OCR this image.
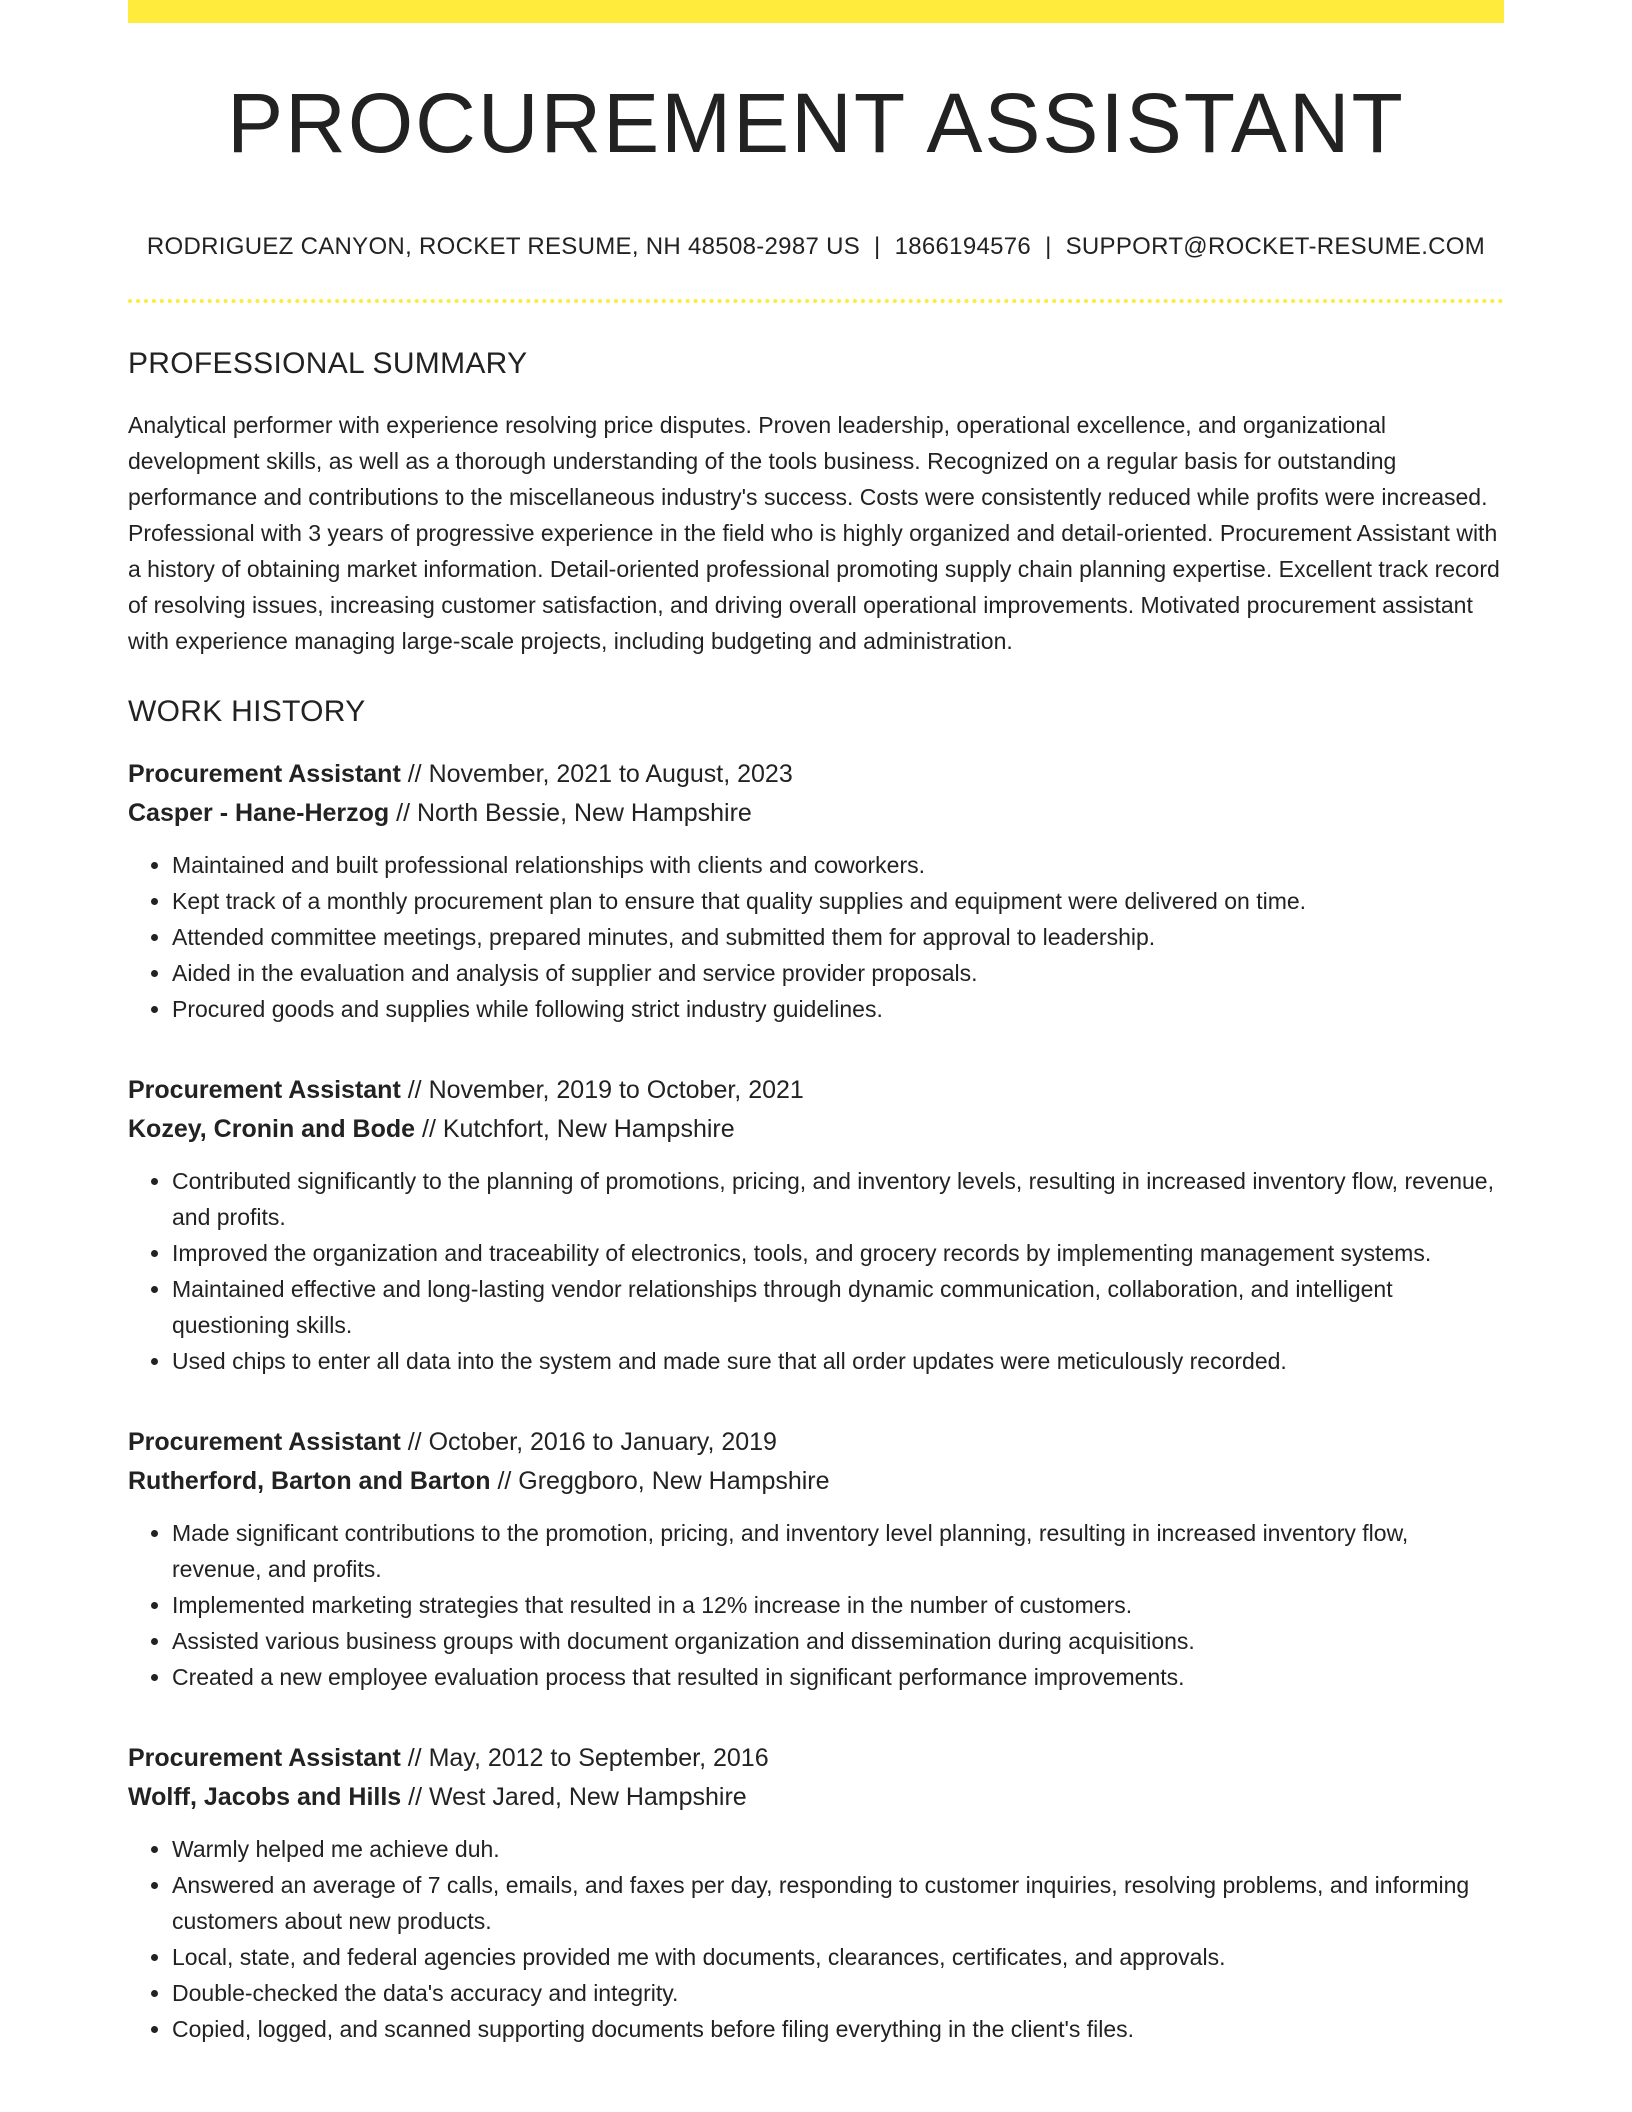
PROCUREMENT ASSISTANT
RODRIGUEZ CANYON, ROCKET RESUME, NH 48508-2987 US | 1866194576 | SUPPORT@ROCKET-RESUME.COM
PROFESSIONAL SUMMARY

Analytical performer with experience resolving price disputes. Proven leadership, operational excellence, and organizational development skills, as well as a thorough understanding of the tools business. Recognized on a regular basis for outstanding performance and contributions to the miscellaneous industry's success. Costs were consistently reduced while profits were increased. Professional with 3 years of progressive experience in the field who is highly organized and detail-oriented. Procurement Assistant with a history of obtaining market information. Detail-oriented professional promoting supply chain planning expertise. Excellent track record of resolving issues, increasing customer satisfaction, and driving overall operational improvements. Motivated procurement assistant with experience managing large-scale projects, including budgeting and administration.

WORK HISTORY
Procurement Assistant // November, 2021 to August, 2023
Casper - Hane-Herzog // North Bessie, New Hampshire
• Maintained and built professional relationships with clients and coworkers.
• Kept track of a monthly procurement plan to ensure that quality supplies and equipment were delivered on time.
• Attended committee meetings, prepared minutes, and submitted them for approval to leadership.
• Aided in the evaluation and analysis of supplier and service provider proposals.
• Procured goods and supplies while following strict industry guidelines.
Procurement Assistant // November, 2019 to October, 2021
Kozey, Cronin and Bode // Kutchfort, New Hampshire
• Contributed significantly to the planning of promotions, pricing, and inventory levels, resulting in increased inventory flow, revenue, and profits.
• Improved the organization and traceability of electronics, tools, and grocery records by implementing management systems.
• Maintained effective and long-lasting vendor relationships through dynamic communication, collaboration, and intelligent questioning skills.
• Used chips to enter all data into the system and made sure that all order updates were meticulously recorded.
Procurement Assistant // October, 2016 to January, 2019
Rutherford, Barton and Barton // Greggboro, New Hampshire
• Made significant contributions to the promotion, pricing, and inventory level planning, resulting in increased inventory flow, revenue, and profits.
• Implemented marketing strategies that resulted in a 12% increase in the number of customers.
• Assisted various business groups with document organization and dissemination during acquisitions.
• Created a new employee evaluation process that resulted in significant performance improvements.
Procurement Assistant // May, 2012 to September, 2016
Wolff, Jacobs and Hills // West Jared, New Hampshire
• Warmly helped me achieve duh.
• Answered an average of 7 calls, emails, and faxes per day, responding to customer inquiries, resolving problems, and informing customers about new products.
• Local, state, and federal agencies provided me with documents, clearances, certificates, and approvals.
• Double-checked the data's accuracy and integrity.
• Copied, logged, and scanned supporting documents before filing everything in the client's files.
